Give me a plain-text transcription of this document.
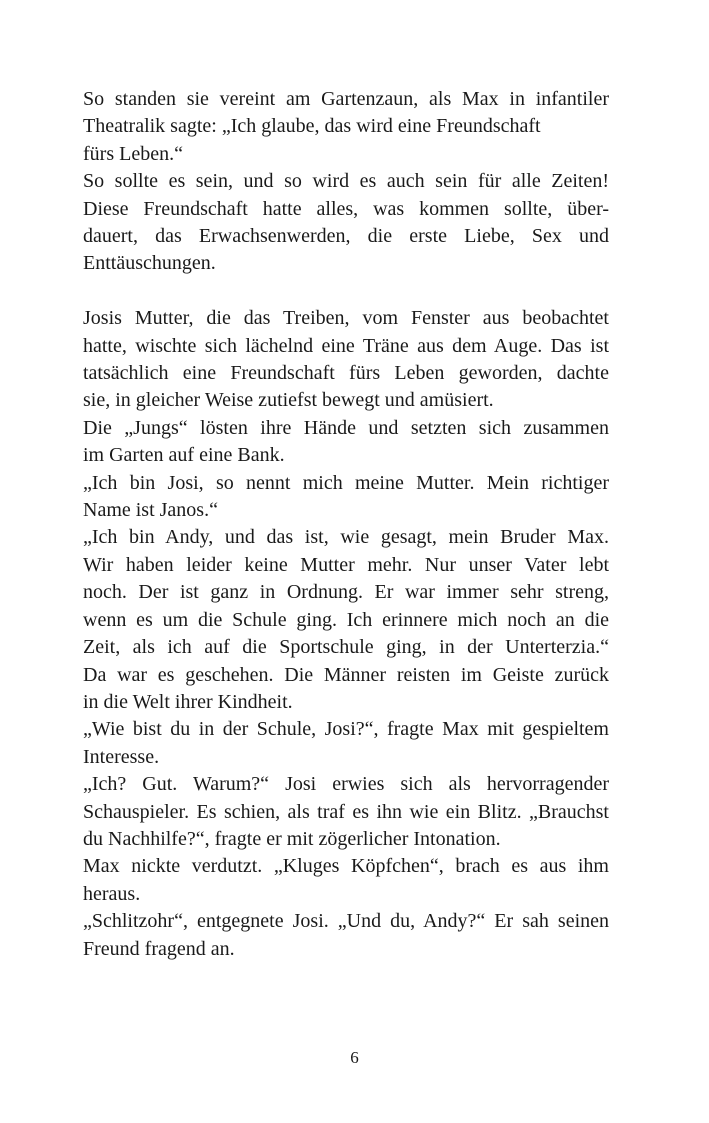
So standen sie vereint am Gartenzaun, als Max in infantiler
Theatralik sagte: „Ich glaube, das wird eine Freundschaft
fürs Leben.“
So sollte es sein, und so wird es auch sein für alle Zeiten!
Diese Freundschaft hatte alles, was kommen sollte, über-
dauert, das Erwachsenwerden, die erste Liebe, Sex und
Enttäuschungen.
Josis Mutter, die das Treiben, vom Fenster aus beobachtet
hatte, wischte sich lächelnd eine Träne aus dem Auge. Das ist
tatsächlich eine Freundschaft fürs Leben geworden, dachte
sie, in gleicher Weise zutiefst bewegt und amüsiert.
Die „Jungs“ lösten ihre Hände und setzten sich zusammen
im Garten auf eine Bank.
„Ich bin Josi, so nennt mich meine Mutter. Mein richtiger
Name ist Janos.“
„Ich bin Andy, und das ist, wie gesagt, mein Bruder Max.
Wir haben leider keine Mutter mehr. Nur unser Vater lebt
noch. Der ist ganz in Ordnung. Er war immer sehr streng,
wenn es um die Schule ging. Ich erinnere mich noch an die
Zeit, als ich auf die Sportschule ging, in der Unterterzia.“
Da war es geschehen. Die Männer reisten im Geiste zurück
in die Welt ihrer Kindheit.
„Wie bist du in der Schule, Josi?“, fragte Max mit gespieltem
Interesse.
„Ich? Gut. Warum?“ Josi erwies sich als hervorragender
Schauspieler. Es schien, als traf es ihn wie ein Blitz. „Brauchst
du Nachhilfe?“, fragte er mit zögerlicher Intonation.
Max nickte verdutzt. „Kluges Köpfchen“, brach es aus ihm
heraus.
„Schlitzohr“, entgegnete Josi. „Und du, Andy?“ Er sah seinen
Freund fragend an.
6
